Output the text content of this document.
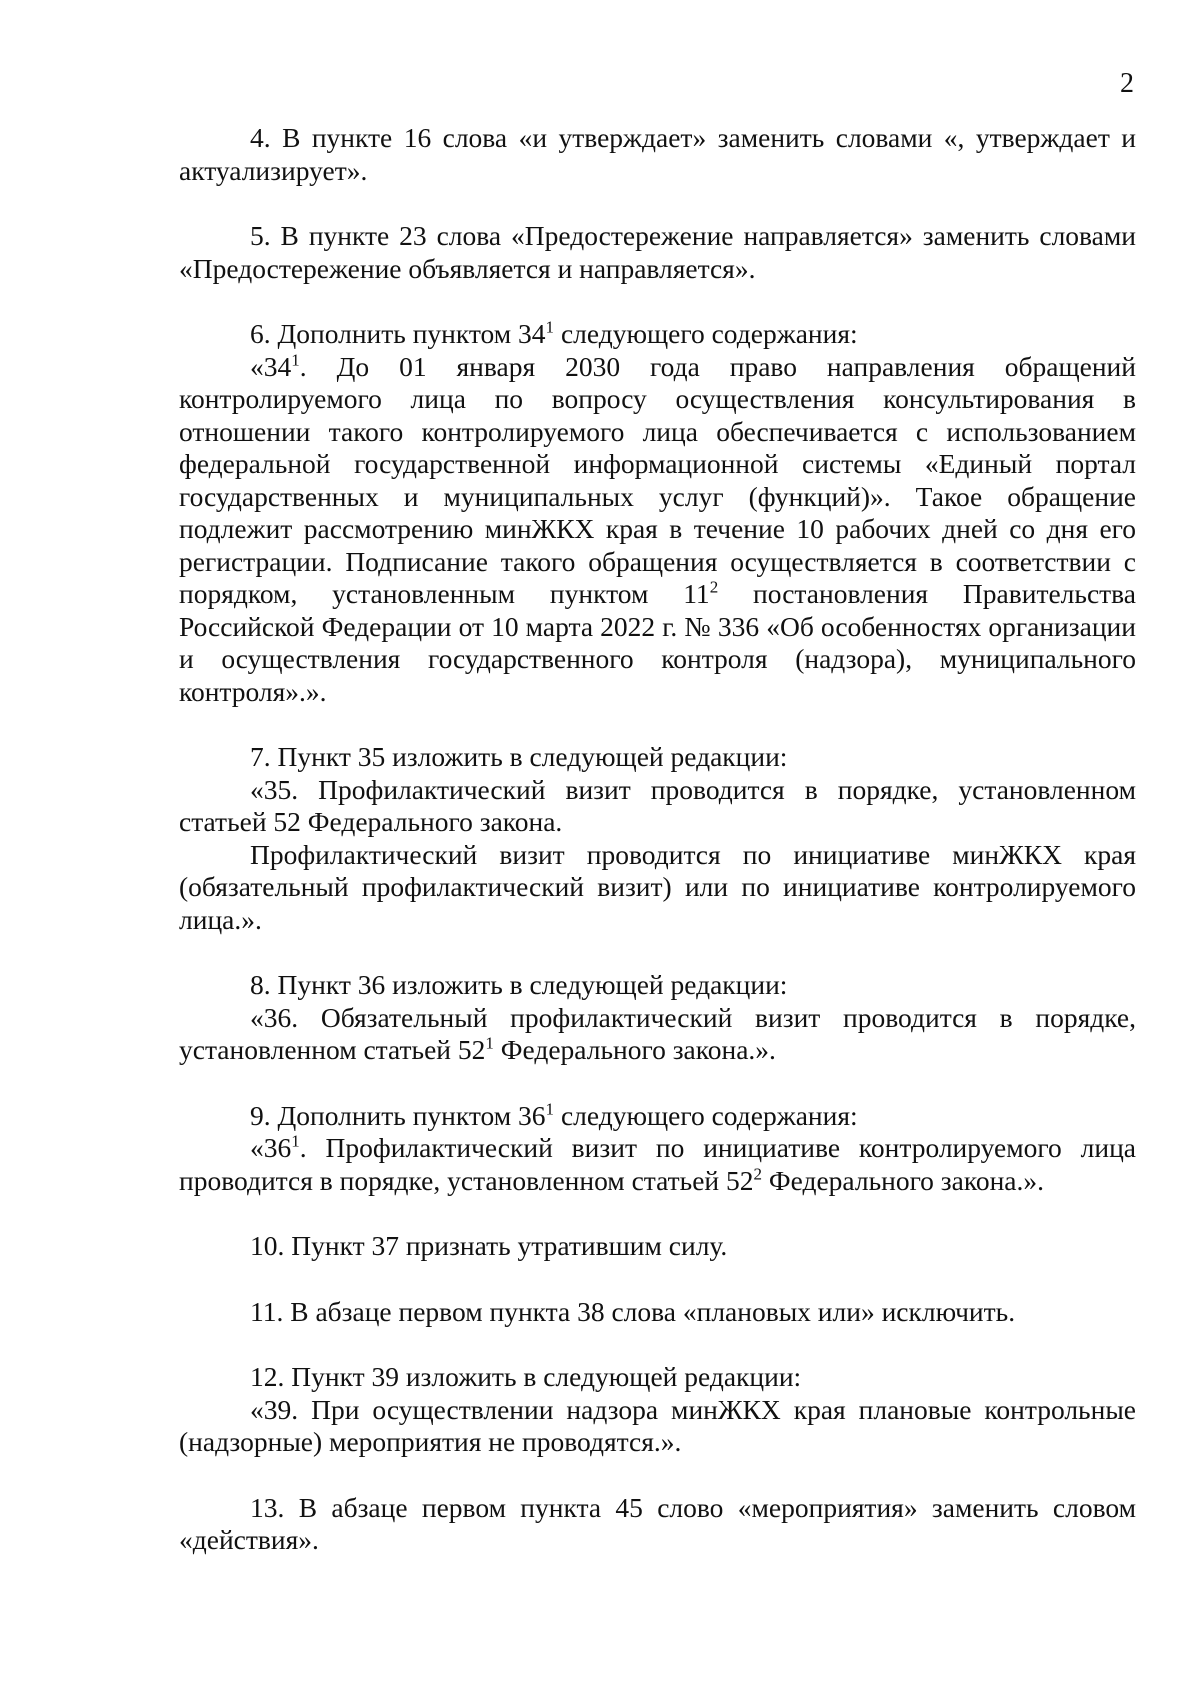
2

4. В пункте 16 слова «и утверждает» заменить словами «, утверждает и актуализирует».

5. В пункте 23 слова «Предостережение направляется» заменить словами «Предостережение объявляется и направляется».

6. Дополнить пунктом $34^1$ следующего содержания:

«$34^1$. До 01 января 2030 года право направления обращений контролируемого лица по вопросу осуществления консультирования в отношении такого контролируемого лица обеспечивается с использованием федеральной государственной информационной системы «Единый портал государственных и муниципальных услуг (функций)». Такое обращение подлежит рассмотрению минЖКХ края в течение 10 рабочих дней со дня его регистрации. Подписание такого обращения осуществляется в соответствии с порядком, установленным пунктом $11^2$ постановления Правительства Российской Федерации от 10 марта 2022 г. № 336 «Об особенностях организации и осуществления государственного контроля (надзора), муниципального контроля».».

7. Пункт 35 изложить в следующей редакции:

«35. Профилактический визит проводится в порядке, установленном статьей 52 Федерального закона.

Профилактический визит проводится по инициативе минЖКХ края (обязательный профилактический визит) или по инициативе контролируемого лица.».

8. Пункт 36 изложить в следующей редакции:

«36. Обязательный профилактический визит проводится в порядке, установленном статьей $52^1$ Федерального закона.».

9. Дополнить пунктом $36^1$ следующего содержания:

«$36^1$. Профилактический визит по инициативе контролируемого лица проводится в порядке, установленном статьей $52^2$ Федерального закона.».

10. Пункт 37 признать утратившим силу.

11. В абзаце первом пункта 38 слова «плановых или» исключить.

12. Пункт 39 изложить в следующей редакции:

«39. При осуществлении надзора минЖКХ края плановые контрольные (надзорные) мероприятия не проводятся.».

13. В абзаце первом пункта 45 слово «мероприятия» заменить словом «действия».
